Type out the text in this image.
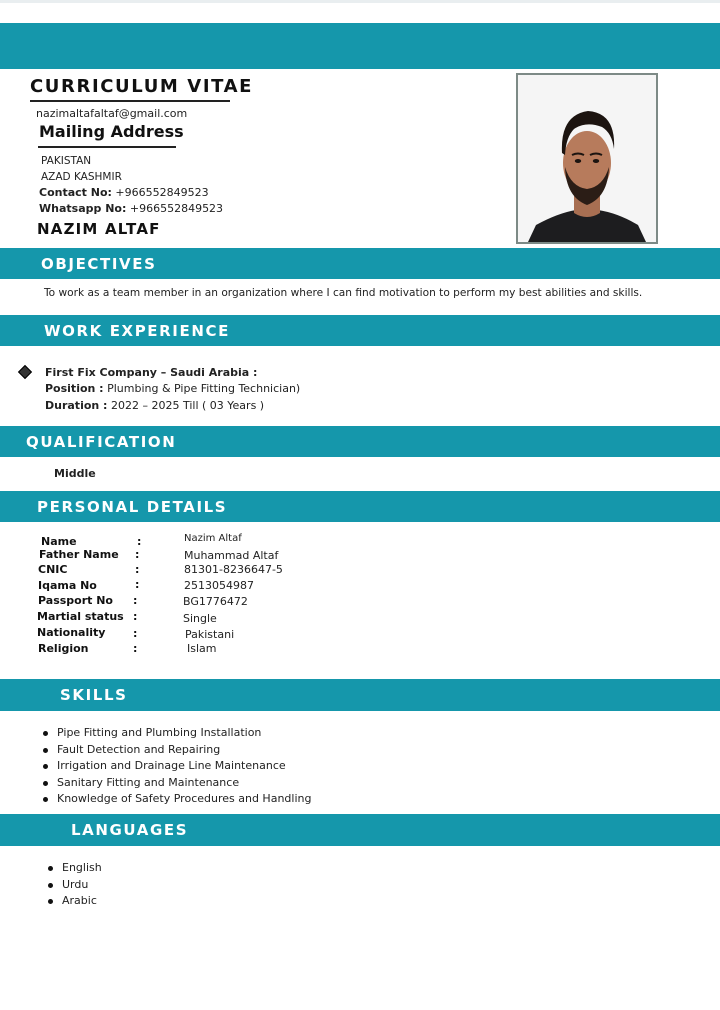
CURRICULUM VITAE
nazimaltafaltaf@gmail.com
Mailing Address
PAKISTAN
AZAD KASHMIR
Contact No: +966552849523
Whatsapp No: +966552849523
NAZIM ALTAF
OBJECTIVES
To work as a team member in an organization where I can find motivation to perform my best abilities and skills.
WORK EXPERIENCE
First Fix Company – Saudi Arabia :
Position : Plumbing & Pipe Fitting Technician)
Duration : 2022 – 2025 Till ( 03 Years )
QUALIFICATION
Middle
PERSONAL DETAILS
Name	:	Nazim Altaf
Father Name :	Muhammad Altaf
CNIC	:	81301-8236647-5
Iqama No	:	2513054987
Passport No :	BG1776472
Martial status :	Single
Nationality	:	Pakistani
Religion	:	Islam
SKILLS
Pipe Fitting and Plumbing Installation
Fault Detection and Repairing
Irrigation and Drainage Line Maintenance
Sanitary Fitting and Maintenance
Knowledge of Safety Procedures and Handling
LANGUAGES
English
Urdu
Arabic
